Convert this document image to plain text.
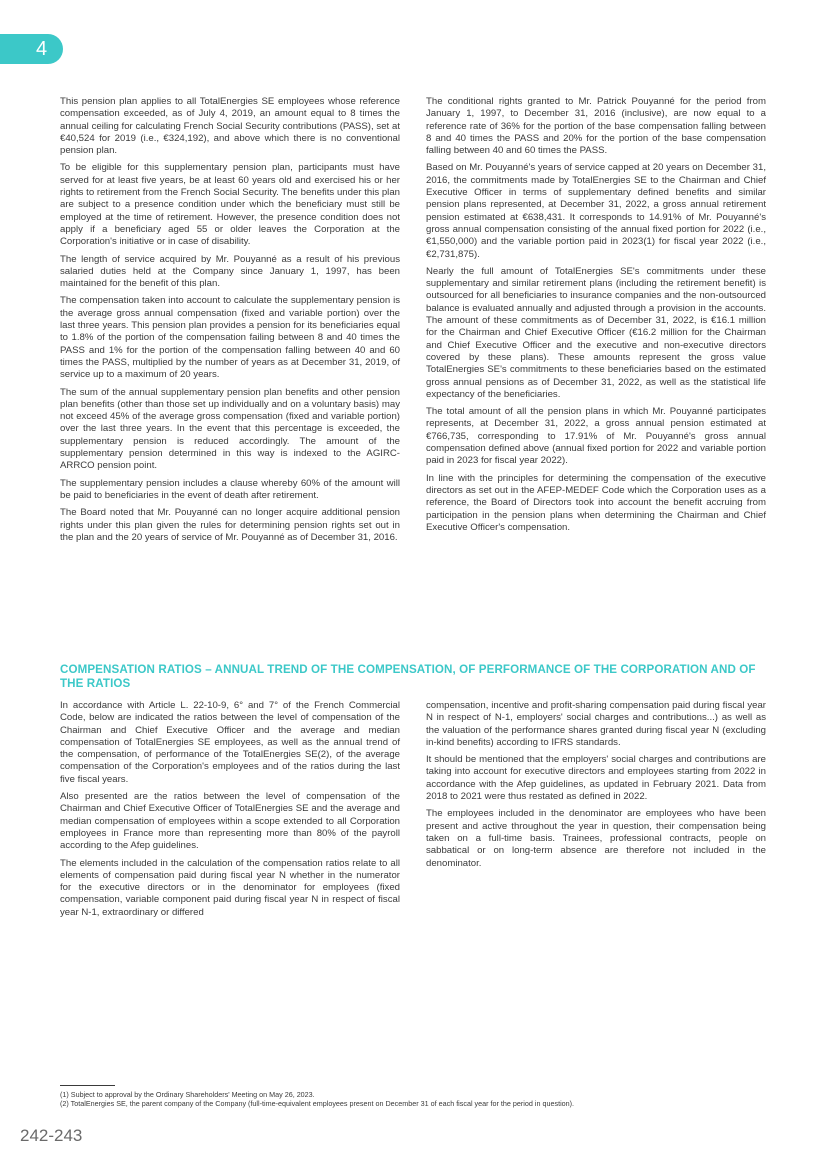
4

This pension plan applies to all TotalEnergies SE employees whose reference compensation exceeded, as of July 4, 2019, an amount equal to 8 times the annual ceiling for calculating French Social Security contributions (PASS), set at €40,524 for 2019 (i.e., €324,192), and above which there is no conventional pension plan.

To be eligible for this supplementary pension plan, participants must have served for at least five years, be at least 60 years old and exercised his or her rights to retirement from the French Social Security. The benefits under this plan are subject to a presence condition under which the beneficiary must still be employed at the time of retirement. However, the presence condition does not apply if a beneficiary aged 55 or older leaves the Corporation at the Corporation's initiative or in case of disability.

The length of service acquired by Mr. Pouyanné as a result of his previous salaried duties held at the Company since January 1, 1997, has been maintained for the benefit of this plan.

The compensation taken into account to calculate the supplementary pension is the average gross annual compensation (fixed and variable portion) over the last three years. This pension plan provides a pension for its beneficiaries equal to 1.8% of the portion of the compensation failing between 8 and 40 times the PASS and 1% for the portion of the compensation falling between 40 and 60 times the PASS, multiplied by the number of years as at December 31, 2019, of service up to a maximum of 20 years.

The sum of the annual supplementary pension plan benefits and other pension plan benefits (other than those set up individually and on a voluntary basis) may not exceed 45% of the average gross compensation (fixed and variable portion) over the last three years. In the event that this percentage is exceeded, the supplementary pension is reduced accordingly. The amount of the supplementary pension determined in this way is indexed to the AGIRC-ARRCO pension point.

The supplementary pension includes a clause whereby 60% of the amount will be paid to beneficiaries in the event of death after retirement.

The Board noted that Mr. Pouyanné can no longer acquire additional pension rights under this plan given the rules for determining pension rights set out in the plan and the 20 years of service of Mr. Pouyanné as of December 31, 2016.

The conditional rights granted to Mr. Patrick Pouyanné for the period from January 1, 1997, to December 31, 2016 (inclusive), are now equal to a reference rate of 36% for the portion of the base compensation falling between 8 and 40 times the PASS and 20% for the portion of the base compensation falling between 40 and 60 times the PASS.

Based on Mr. Pouyanné's years of service capped at 20 years on December 31, 2016, the commitments made by TotalEnergies SE to the Chairman and Chief Executive Officer in terms of supplementary defined benefits and similar pension plans represented, at December 31, 2022, a gross annual retirement pension estimated at €638,431. It corresponds to 14.91% of Mr. Pouyanné's gross annual compensation consisting of the annual fixed portion for 2022 (i.e., €1,550,000) and the variable portion paid in 2023(1) for fiscal year 2022 (i.e., €2,731,875).

Nearly the full amount of TotalEnergies SE's commitments under these supplementary and similar retirement plans (including the retirement benefit) is outsourced for all beneficiaries to insurance companies and the non-outsourced balance is evaluated annually and adjusted through a provision in the accounts. The amount of these commitments as of December 31, 2022, is €16.1 million for the Chairman and Chief Executive Officer (€16.2 million for the Chairman and Chief Executive Officer and the executive and non-executive directors covered by these plans). These amounts represent the gross value TotalEnergies SE's commitments to these beneficiaries based on the estimated gross annual pensions as of December 31, 2022, as well as the statistical life expectancy of the beneficiaries.

The total amount of all the pension plans in which Mr. Pouyanné participates represents, at December 31, 2022, a gross annual pension estimated at €766,735, corresponding to 17.91% of Mr. Pouyanné's gross annual compensation defined above (annual fixed portion for 2022 and variable portion paid in 2023 for fiscal year 2022).

In line with the principles for determining the compensation of the executive directors as set out in the AFEP-MEDEF Code which the Corporation uses as a reference, the Board of Directors took into account the benefit accruing from participation in the pension plans when determining the Chairman and Chief Executive Officer's compensation.

COMPENSATION RATIOS – ANNUAL TREND OF THE COMPENSATION, OF PERFORMANCE OF THE CORPORATION AND OF THE RATIOS

In accordance with Article L. 22-10-9, 6° and 7° of the French Commercial Code, below are indicated the ratios between the level of compensation of the Chairman and Chief Executive Officer and the average and median compensation of TotalEnergies SE employees, as well as the annual trend of the compensation, of performance of the TotalEnergies SE(2), of the average compensation of the Corporation's employees and of the ratios during the last five fiscal years.

Also presented are the ratios between the level of compensation of the Chairman and Chief Executive Officer of TotalEnergies SE and the average and median compensation of employees within a scope extended to all Corporation employees in France more than representing more than 80% of the payroll according to the Afep guidelines.

The elements included in the calculation of the compensation ratios relate to all elements of compensation paid during fiscal year N whether in the numerator for the executive directors or in the denominator for employees (fixed compensation, variable component paid during fiscal year N in respect of fiscal year N-1, extraordinary or differed

compensation, incentive and profit-sharing compensation paid during fiscal year N in respect of N-1, employers' social charges and contributions...) as well as the valuation of the performance shares granted during fiscal year N (excluding in-kind benefits) according to IFRS standards.

It should be mentioned that the employers' social charges and contributions are taking into account for executive directors and employees starting from 2022 in accordance with the Afep guidelines, as updated in February 2021. Data from 2018 to 2021 were thus restated as defined in 2022.

The employees included in the denominator are employees who have been present and active throughout the year in question, their compensation being taken on a full-time basis. Trainees, professional contracts, people on sabbatical or on long-term absence are therefore not included in the denominator.

(1) Subject to approval by the Ordinary Shareholders' Meeting on May 26, 2023.

(2) TotalEnergies SE, the parent company of the Company (full-time-equivalent employees present on December 31 of each fiscal year for the period in question).

242-243
